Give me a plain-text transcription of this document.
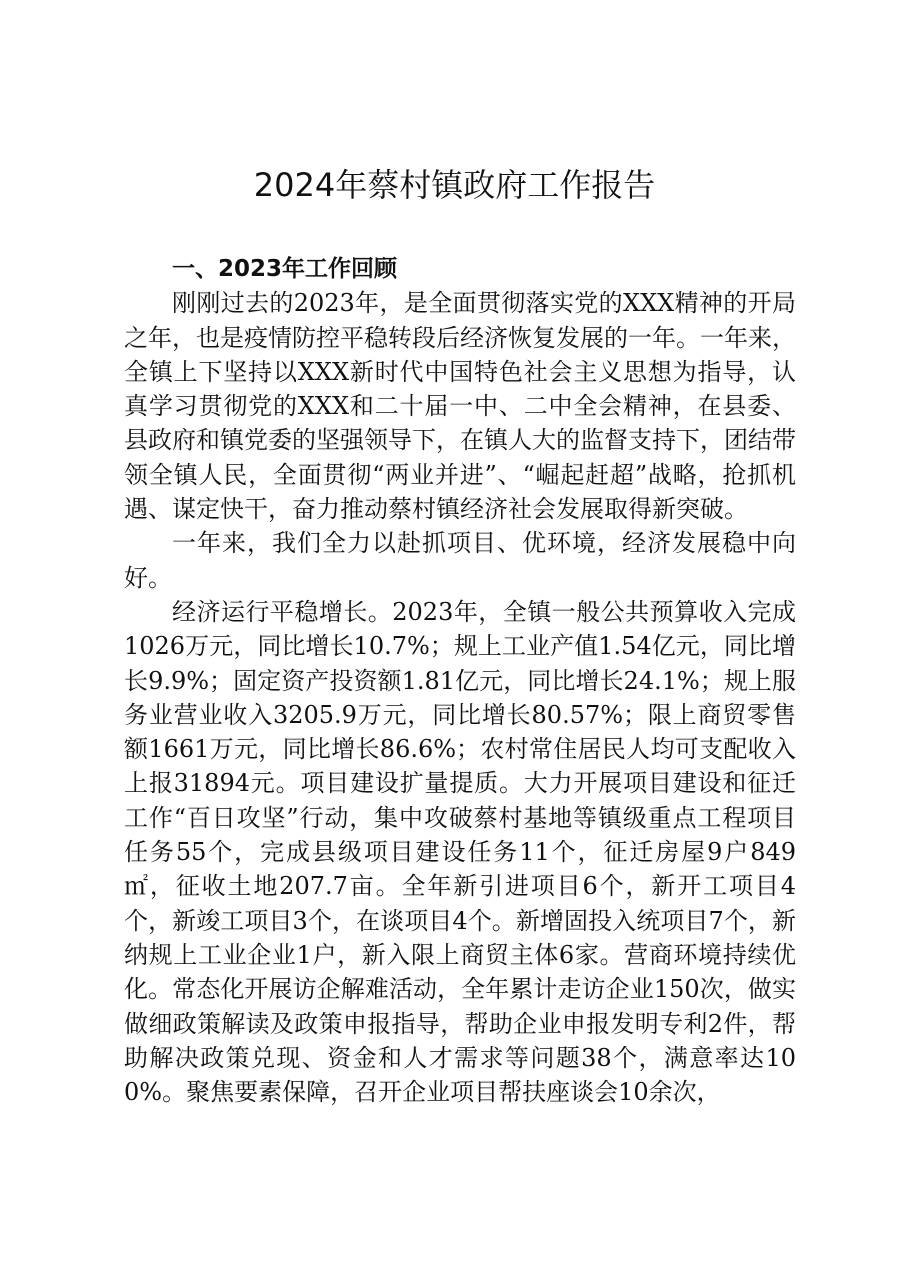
2024年蔡村镇政府工作报告
一、2023年工作回顾

刚刚过去的2023年，是全面贯彻落实党的XXX精神的开局之年，也是疫情防控平稳转段后经济恢复发展的一年。一年来，全镇上下坚持以XXX新时代中国特色社会主义思想为指导，认真学习贯彻党的XXX和二十届一中、二中全会精神，在县委、县政府和镇党委的坚强领导下，在镇人大的监督支持下，团结带领全镇人民，全面贯彻“两业并进”、“崛起赶超”战略，抢抓机遇、谋定快干，奋力推动蔡村镇经济社会发展取得新突破。

一年来，我们全力以赴抓项目、优环境，经济发展稳中向好。

经济运行平稳增长。2023年，全镇一般公共预算收入完成1026万元，同比增长10.7%；规上工业产值1.54亿元，同比增长9.9%；固定资产投资额1.81亿元，同比增长24.1%；规上服务业营业收入3205.9万元，同比增长80.57%；限上商贸零售额1661万元，同比增长86.6%；农村常住居民人均可支配收入上报31894元。项目建设扩量提质。大力开展项目建设和征迁工作“百日攻坚”行动，集中攻破蔡村基地等镇级重点工程项目任务55个，完成县级项目建设任务11个，征迁房屋9户849㎡，征收土地207.7亩。全年新引进项目6个，新开工项目4个，新竣工项目3个，在谈项目4个。新增固投入统项目7个，新纳规上工业企业1户，新入限上商贸主体6家。营商环境持续优化。常态化开展访企解难活动，全年累计走访企业150次，做实做细政策解读及政策申报指导，帮助企业申报发明专利2件，帮助解决政策兑现、资金和人才需求等问题38个，满意率达100%。聚焦要素保障，召开企业项目帮扶座谈会10余次，
